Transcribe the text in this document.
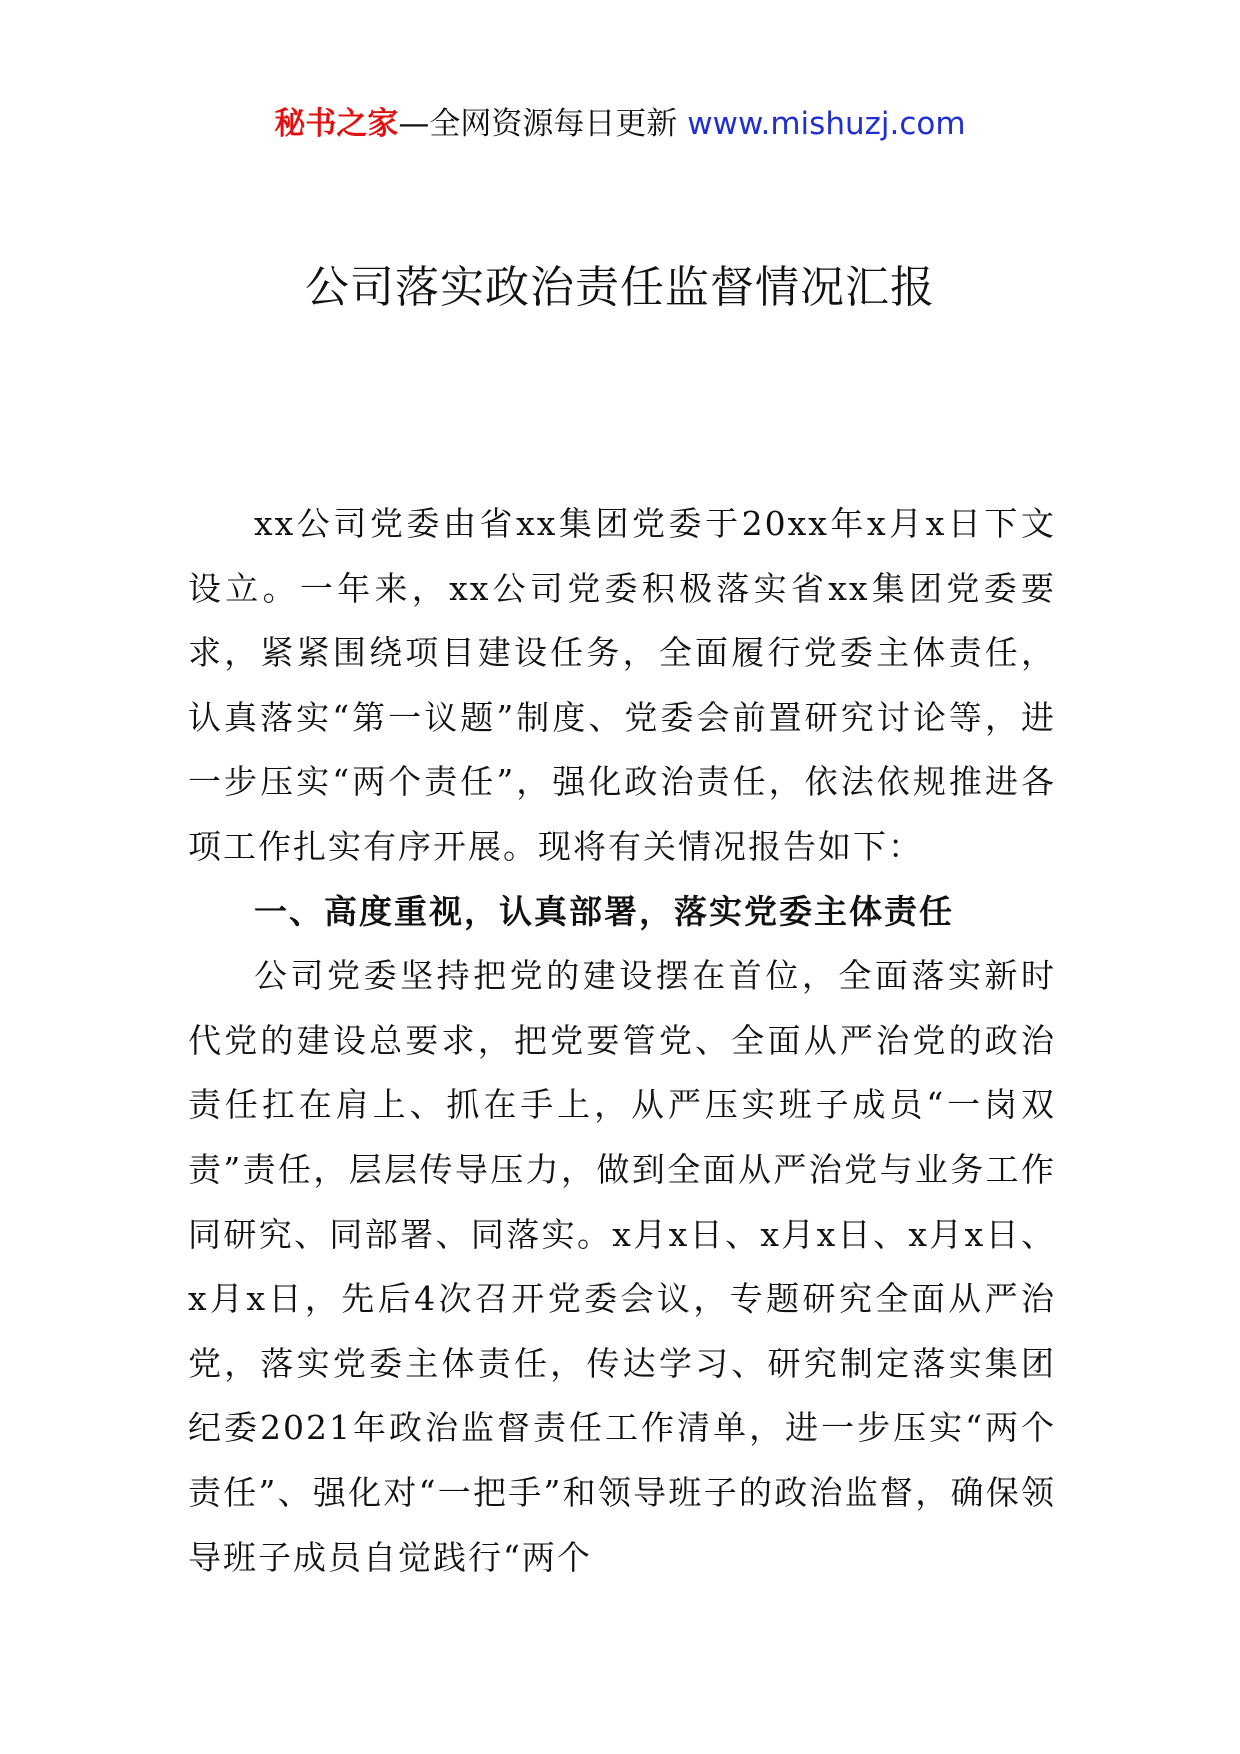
秘书之家—全网资源每日更新 www.mishuzj.com
公司落实政治责任监督情况汇报

xx公司党委由省xx集团党委于20xx年x月x日下文设立。一年来，xx公司党委积极落实省xx集团党委要求，紧紧围绕项目建设任务，全面履行党委主体责任，认真落实“第一议题”制度、党委会前置研究讨论等，进一步压实“两个责任”，强化政治责任，依法依规推进各项工作扎实有序开展。现将有关情况报告如下：

一、高度重视，认真部署，落实党委主体责任

公司党委坚持把党的建设摆在首位，全面落实新时代党的建设总要求，把党要管党、全面从严治党的政治责任扛在肩上、抓在手上，从严压实班子成员“一岗双责”责任，层层传导压力，做到全面从严治党与业务工作同研究、同部署、同落实。x月x日、x月x日、x月x日、x月x日，先后4次召开党委会议，专题研究全面从严治党，落实党委主体责任，传达学习、研究制定落实集团纪委2021年政治监督责任工作清单，进一步压实“两个责任”、强化对“一把手”和领导班子的政治监督，确保领导班子成员自觉践行“两个
